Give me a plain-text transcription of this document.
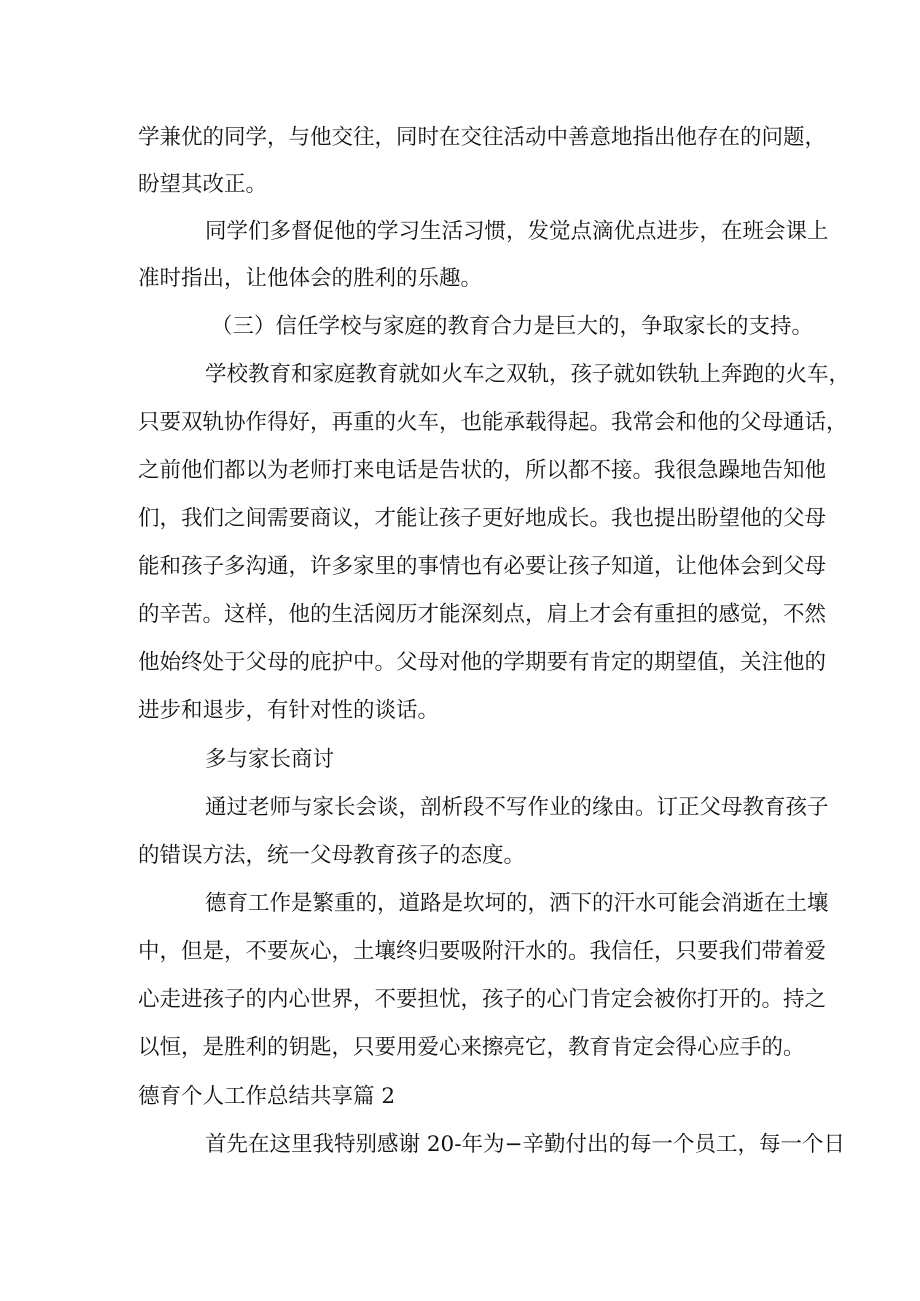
学兼优的同学，与他交往，同时在交往活动中善意地指出他存在的问题，
盼望其改正。
同学们多督促他的学习生活习惯，发觉点滴优点进步，在班会课上
准时指出，让他体会的胜利的乐趣。
（三）信任学校与家庭的教育合力是巨大的，争取家长的支持。
学校教育和家庭教育就如火车之双轨，孩子就如铁轨上奔跑的火车，
只要双轨协作得好，再重的火车，也能承载得起。我常会和他的父母通话，
之前他们都以为老师打来电话是告状的，所以都不接。我很急躁地告知他
们，我们之间需要商议，才能让孩子更好地成长。我也提出盼望他的父母
能和孩子多沟通，许多家里的事情也有必要让孩子知道，让他体会到父母
的辛苦。这样，他的生活阅历才能深刻点，肩上才会有重担的感觉，不然
他始终处于父母的庇护中。父母对他的学期要有肯定的期望值，关注他的
进步和退步，有针对性的谈话。
多与家长商讨
通过老师与家长会谈，剖析段不写作业的缘由。订正父母教育孩子
的错误方法，统一父母教育孩子的态度。
德育工作是繁重的，道路是坎坷的，洒下的汗水可能会消逝在土壤
中，但是，不要灰心，土壤终归要吸附汗水的。我信任，只要我们带着爱
心走进孩子的内心世界，不要担忧，孩子的心门肯定会被你打开的。持之
以恒，是胜利的钥匙，只要用爱心来擦亮它，教育肯定会得心应手的。
德育个人工作总结共享篇 2
首先在这里我特别感谢 20-年为−辛勤付出的每一个员工，每一个日
